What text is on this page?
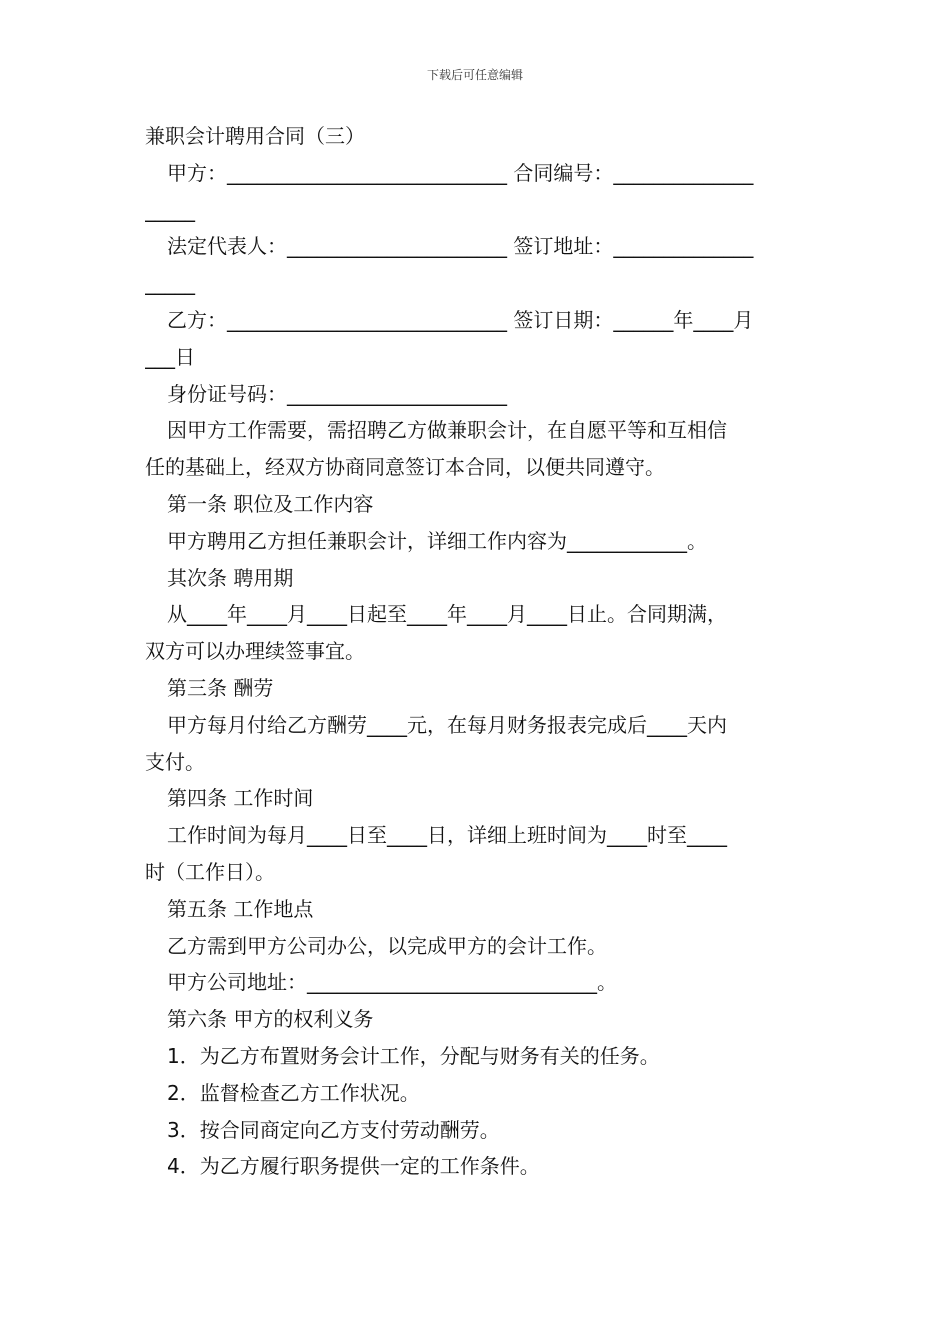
下载后可任意编辑
兼职会计聘用合同（三）
甲方：____________________________ 合同编号：______________
_____
法定代表人：______________________ 签订地址：______________
_____
乙方：____________________________ 签订日期：______年____月
___日
身份证号码：______________________
因甲方工作需要，需招聘乙方做兼职会计，在自愿平等和互相信
任的基础上，经双方协商同意签订本合同，以便共同遵守。
第一条 职位及工作内容
甲方聘用乙方担任兼职会计，详细工作内容为____________。
其次条 聘用期
从____年____月____日起至____年____月____日止。合同期满，
双方可以办理续签事宜。
第三条 酬劳
甲方每月付给乙方酬劳____元，在每月财务报表完成后____天内
支付。
第四条 工作时间
工作时间为每月____日至____日，详细上班时间为____时至____
时（工作日）。
第五条 工作地点
乙方需到甲方公司办公，以完成甲方的会计工作。
甲方公司地址：_____________________________。
第六条 甲方的权利义务
1．为乙方布置财务会计工作，分配与财务有关的任务。
2．监督检查乙方工作状况。
3．按合同商定向乙方支付劳动酬劳。
4．为乙方履行职务提供一定的工作条件。
